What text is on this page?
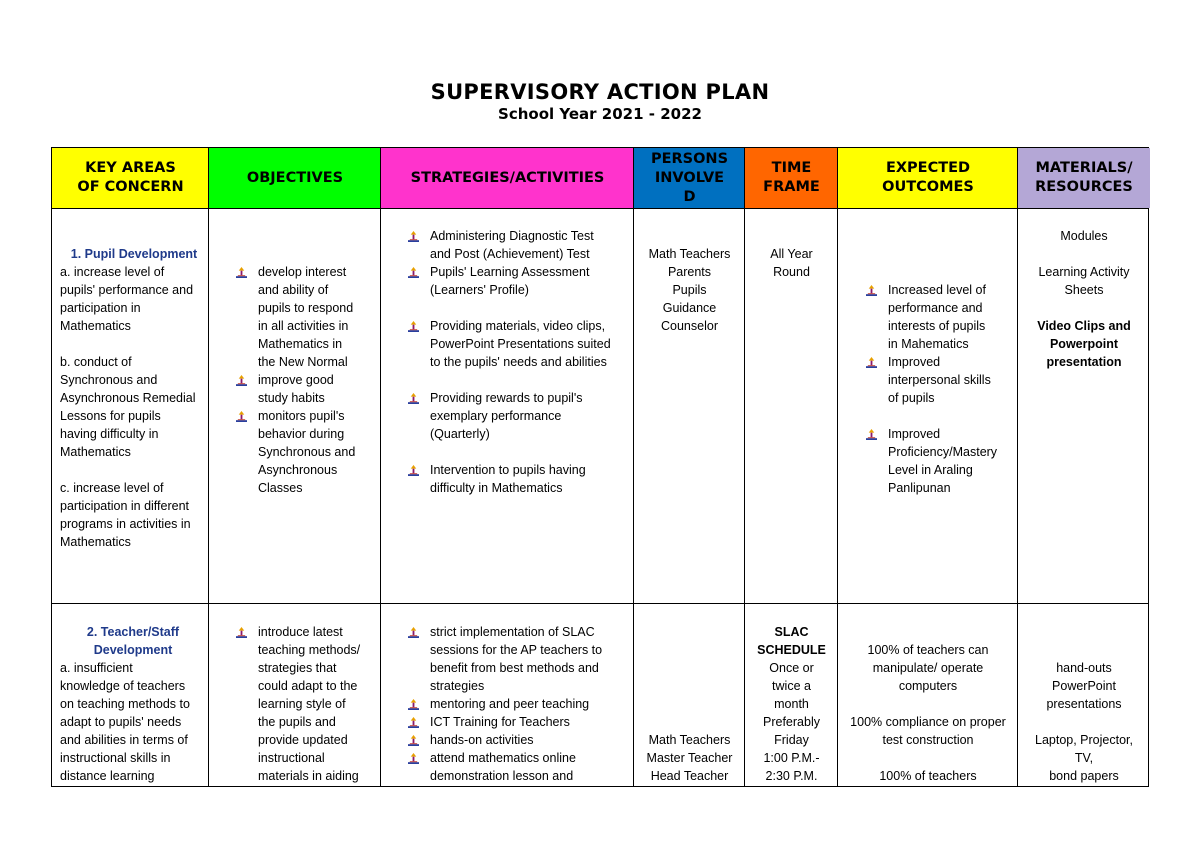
SUPERVISORY ACTION PLAN
School Year 2021 - 2022
KEY AREAS
OF CONCERN
OBJECTIVES	STRATEGIES/ACTIVITIES
PERSONS
INVOLVE
D
TIME
FRAME
EXPECTED
OUTCOMES
MATERIALS/
RESOURCES
1. Pupil Development
a. increase level of
pupils' performance and
participation in
Mathematics

b. conduct of
Synchronous and
Asynchronous Remedial
Lessons for pupils
having difficulty in
Mathematics

c. increase level of
participation in different
programs in activities in
Mathematics
develop interest
and ability of
pupils to respond
in all activities in
Mathematics in
the New Normal
improve good
study habits
monitors pupil's
behavior during
Synchronous and
Asynchronous
Classes
Administering Diagnostic Test
and Post (Achievement) Test
Pupils' Learning Assessment
(Learners' Profile)
Providing materials, video clips,
PowerPoint Presentations suited
to the pupils' needs and abilities
Providing rewards to pupil's
exemplary performance
(Quarterly)
Intervention to pupils having
difficulty in Mathematics
Math Teachers
Parents
Pupils
Guidance
Counselor
All Year
Round
Increased level of
performance and
interests of pupils
in Mahematics
Improved
interpersonal skills
of pupils
Improved
Proficiency/Mastery
Level in Araling
Panlipunan
Modules

Learning Activity
Sheets

Video Clips and
Powerpoint
presentation
2. Teacher/Staff
Development
a. insufficient
knowledge of teachers
on teaching methods to
adapt to pupils' needs
and abilities in terms of
instructional skills in
distance learning
introduce latest
teaching methods/
strategies that
could adapt to the
learning style of
the pupils and
provide updated
instructional
materials in aiding
strict implementation of SLAC
sessions for the AP teachers to
benefit from best methods and
strategies
mentoring and peer teaching
ICT Training for Teachers
hands-on activities
attend mathematics online
demonstration lesson and
Math Teachers
Master Teacher
Head Teacher
SLAC
SCHEDULE
Once or
twice a
month
Preferably
Friday
1:00 P.M.-
2:30 P.M.
100% of teachers can
manipulate/ operate
computers

100% compliance on proper
test construction

100% of teachers
hand-outs
PowerPoint
presentations

Laptop, Projector,
TV,
bond papers
